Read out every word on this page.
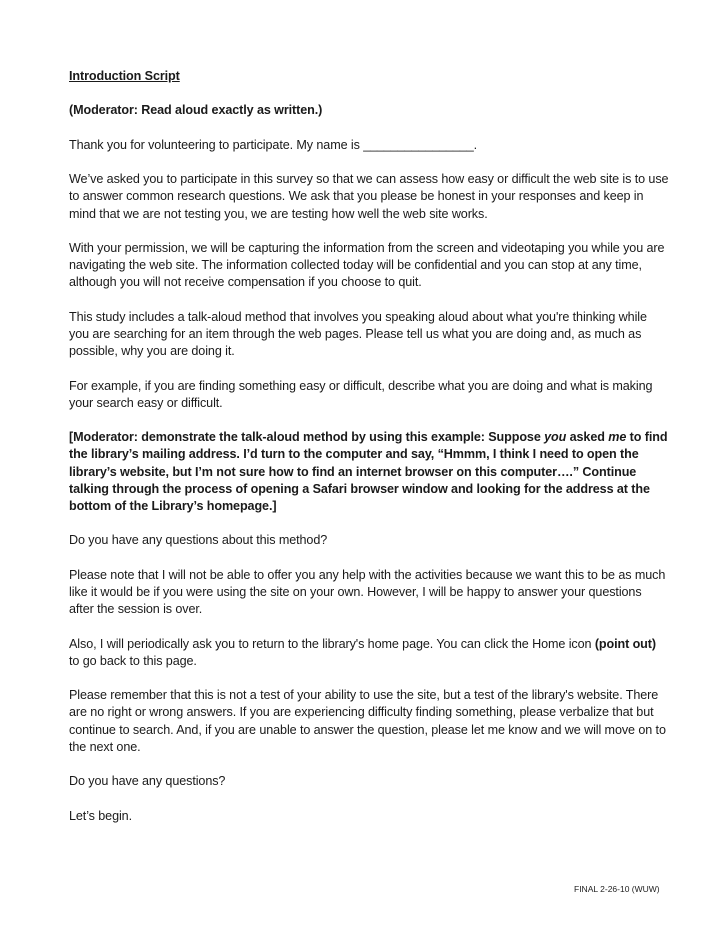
Introduction Script

(Moderator: Read aloud exactly as written.)

Thank you for volunteering to participate. My name is ________________.

We’ve asked you to participate in this survey so that we can assess how easy or difficult the web site is to use to answer common research questions. We ask that you please be honest in your responses and keep in mind that we are not testing you, we are testing how well the web site works.

With your permission, we will be capturing the information from the screen and videotaping you while you are navigating the web site. The information collected today will be confidential and you can stop at any time, although you will not receive compensation if you choose to quit.

This study includes a talk-aloud method that involves you speaking aloud about what you're thinking while you are searching for an item through the web pages. Please tell us what you are doing and, as much as possible, why you are doing it.

For example, if you are finding something easy or difficult, describe what you are doing and what is making your search easy or difficult.

[Moderator: demonstrate the talk-aloud method by using this example: Suppose you asked me to find the library’s mailing address. I’d turn to the computer and say, “Hmmm, I think I need to open the library’s website, but I’m not sure how to find an internet browser on this computer….” Continue talking through the process of opening a Safari browser window and looking for the address at the bottom of the Library’s homepage.]

Do you have any questions about this method?

Please note that I will not be able to offer you any help with the activities because we want this to be as much like it would be if you were using the site on your own. However, I will be happy to answer your questions after the session is over.

Also, I will periodically ask you to return to the library's home page. You can click the Home icon (point out) to go back to this page.

Please remember that this is not a test of your ability to use the site, but a test of the library's website. There are no right or wrong answers. If you are experiencing difficulty finding something, please verbalize that but continue to search. And, if you are unable to answer the question, please let me know and we will move on to the next one.

Do you have any questions?

Let’s begin.

FINAL 2-26-10 (WUW)
